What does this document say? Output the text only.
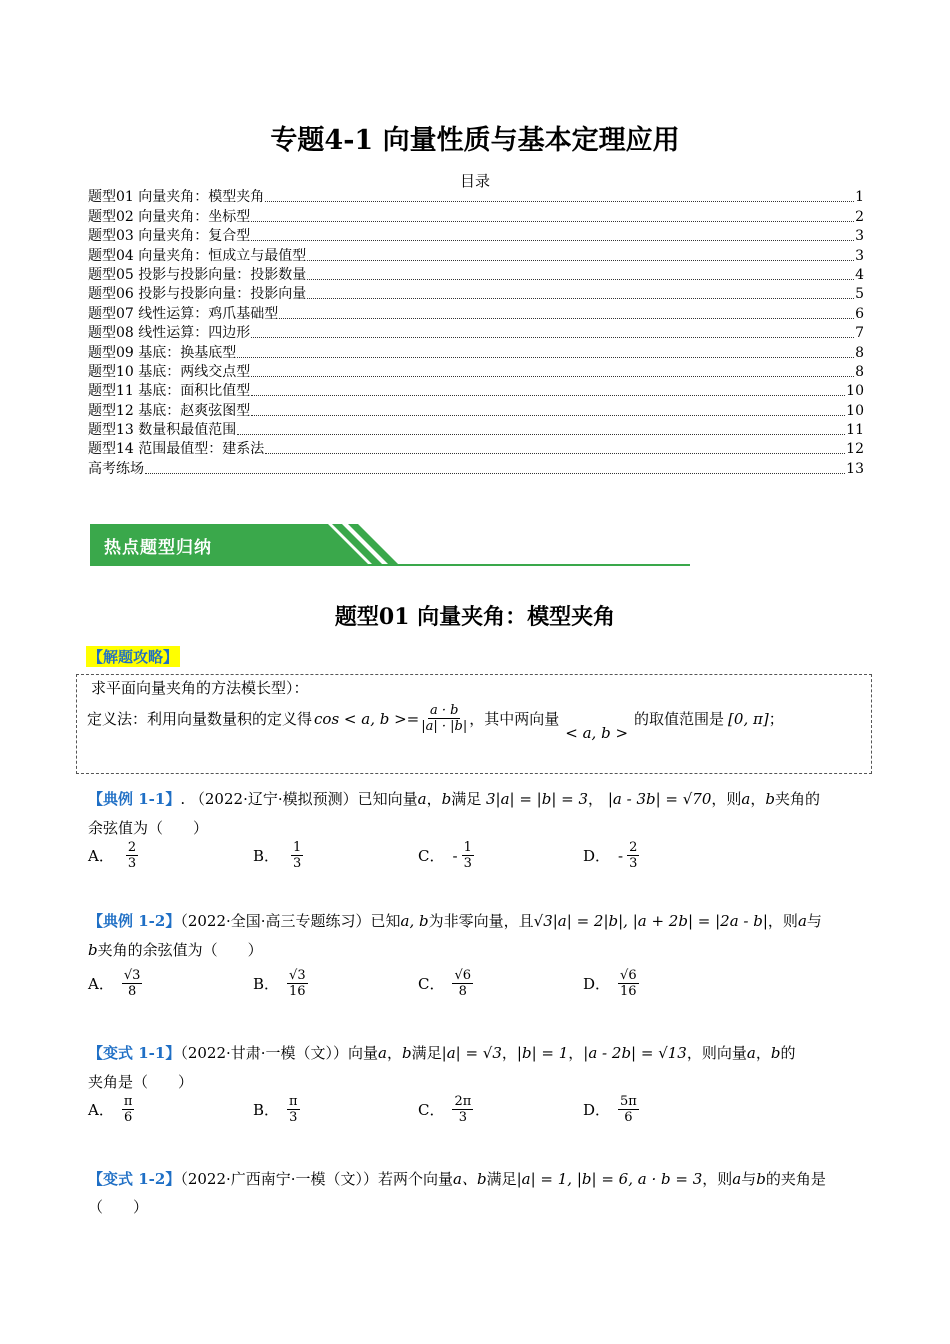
专题4-1 向量性质与基本定理应用
目录
题型01 向量夹角：模型夹角	1
题型02 向量夹角：坐标型	2
题型03 向量夹角：复合型	3
题型04 向量夹角：恒成立与最值型	3
题型05 投影与投影向量：投影数量	4
题型06 投影与投影向量：投影向量	5
题型07 线性运算：鸡爪基础型	6
题型08 线性运算：四边形	7
题型09 基底：换基底型	8
题型10 基底：两线交点型	8
题型11 基底：面积比值型	10
题型12 基底：赵爽弦图型	10
题型13 数量积最值范围	11
题型14 范围最值型：建系法	12
高考练场	13
热点题型归纳
题型01 向量夹角：模型夹角
【解题攻略】
求平面向量夹角的方法模长型）：
定义法：利用向量数量积的定义得 cos < a, $b >= \frac{a \cdot b}{|a| \cdot |b|}$ ，其中两向量
< a, b >
的取值范围是 [0, π] ；
【典例 1-1】. （2022·辽宁·模拟预测）已知向量a，b满足 3|a| = |b| = 3， |a - 3b| = √70，则a，b夹角的
余弦值为（　　）
A． $\frac{2}{3}$	B． $\frac{1}{3}$	C． - $\frac{1}{3}$	D． - $\frac{2}{3}$
【典例 1-2】（2022·全国·高三专题练习）已知a, b为非零向量，且√3|a| = 2|b|, |a + 2b| = |2a - b|，则a与
b夹角的余弦值为（　　）
A． $\frac{√3}{8}$	B． $\frac{√3}{16}$	C． $\frac{√6}{8}$	D． $\frac{√6}{16}$
【变式 1-1】（2022·甘肃·一模（文））向量a，b满足|a| = √3，|b| = 1，|a - 2b| = √13，则向量a，b的
夹角是（　　）
A． $\frac{\pi}{6}$	B． $\frac{\pi}{3}$	C． $\frac{2\pi}{3}$	D． $\frac{5\pi}{6}$
【变式 1-2】（2022·广西南宁·一模（文））若两个向量a、b满足|a| = 1, |b| = 6, a · b = 3，则a与b的夹角是
（　　）
